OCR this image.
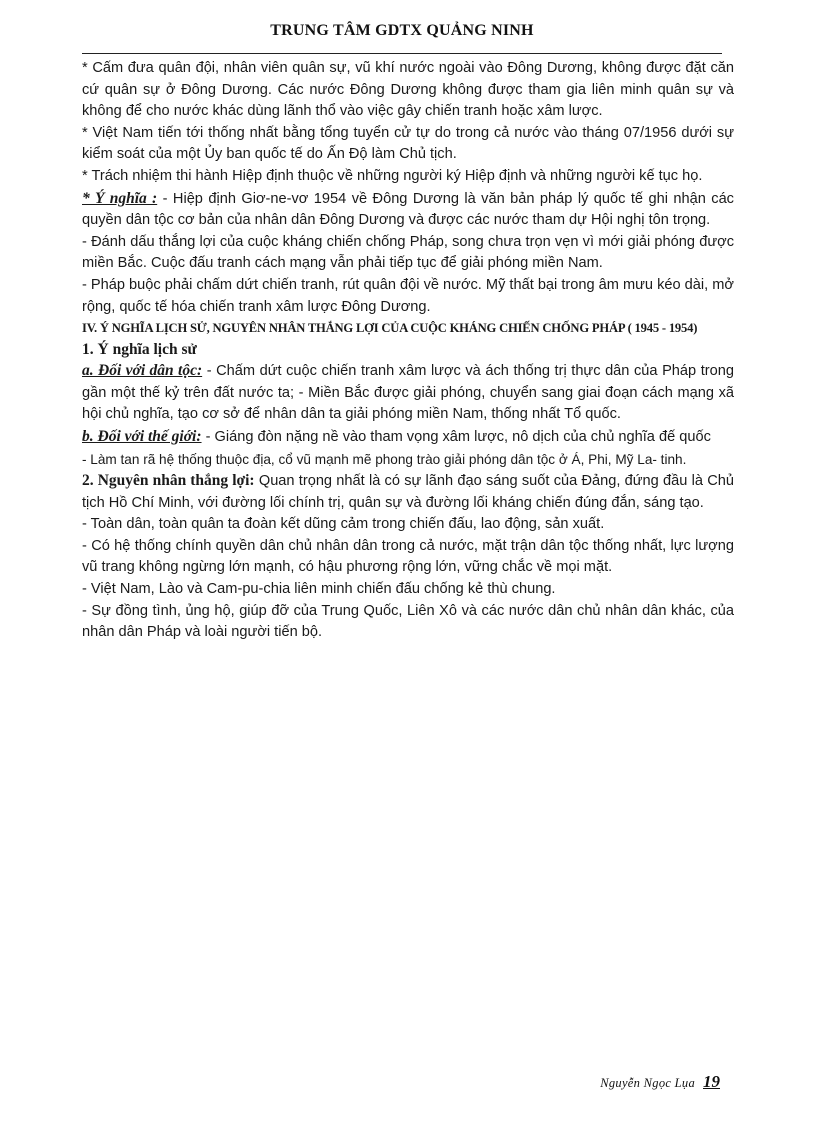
TRUNG TÂM GDTX QUẢNG NINH

* Cấm đưa quân đội, nhân viên quân sự, vũ khí nước ngoài vào Đông Dương, không được đặt căn cứ quân sự ở Đông Dương. Các nước Đông Dương không được tham gia liên minh quân sự và không để cho nước khác dùng lãnh thổ vào việc gây chiến tranh hoặc xâm lược.

* Việt Nam tiến tới thống nhất bằng tổng tuyển cử tự do trong cả nước vào tháng 07/1956 dưới sự kiểm soát của một Ủy ban quốc tế do Ấn Độ làm Chủ tịch.

* Trách nhiệm thi hành Hiệp định thuộc về những người ký Hiệp định và những người kế tục họ.

* Ý nghĩa : - Hiệp định Giơ-ne-vơ 1954 về Đông Dương là văn bản pháp lý quốc tế ghi nhận các quyền dân tộc cơ bản của nhân dân Đông Dương và được các nước tham dự Hội nghị tôn trọng.

- Đánh dấu thắng lợi của cuộc kháng chiến chống Pháp, song chưa trọn vẹn vì mới giải phóng được miền Bắc. Cuộc đấu tranh cách mạng vẫn phải tiếp tục để giải phóng miền Nam.

- Pháp buộc phải chấm dứt chiến tranh, rút quân đội về nước. Mỹ thất bại trong âm mưu kéo dài, mở rộng, quốc tế hóa chiến tranh xâm lược Đông Dương.

IV. Ý NGHĨA LỊCH SỬ, NGUYÊN NHÂN THẮNG LỢI CỦA CUỘC KHÁNG CHIẾN CHỐNG PHÁP ( 1945 - 1954)

1. Ý nghĩa lịch sử

a. Đối với dân tộc: - Chấm dứt cuộc chiến tranh xâm lược và ách thống trị thực dân của Pháp trong gần một thế kỷ trên đất nước ta; - Miền Bắc được giải phóng, chuyển sang giai đoạn cách mạng xã hội chủ nghĩa, tạo cơ sở để nhân dân ta giải phóng miền Nam, thống nhất Tổ quốc.

b. Đối với thế giới: - Giáng đòn nặng nề vào tham vọng xâm lược, nô dịch của chủ nghĩa đế quốc

- Làm tan rã hệ thống thuộc địa, cổ vũ mạnh mẽ phong trào giải phóng dân tộc ở Á, Phi, Mỹ La- tinh.

2. Nguyên nhân thắng lợi: Quan trọng nhất là có sự lãnh đạo sáng suốt của Đảng, đứng đầu là Chủ tịch Hồ Chí Minh, với đường lối chính trị, quân sự và đường lối kháng chiến đúng đắn, sáng tạo.

- Toàn dân, toàn quân ta đoàn kết dũng cảm trong chiến đấu, lao động, sản xuất.

- Có hệ thống chính quyền dân chủ nhân dân trong cả nước, mặt trận dân tộc thống nhất, lực lượng vũ trang không ngừng lớn mạnh, có hậu phương rộng lớn, vững chắc về mọi mặt.

- Việt Nam, Lào và Cam-pu-chia liên minh chiến đấu chống kẻ thù chung.

- Sự đồng tình, ủng hộ, giúp đỡ của Trung Quốc, Liên Xô và các nước dân chủ nhân dân khác, của nhân dân Pháp và loài người tiến bộ.

Nguyễn Ngọc Lụa 19
